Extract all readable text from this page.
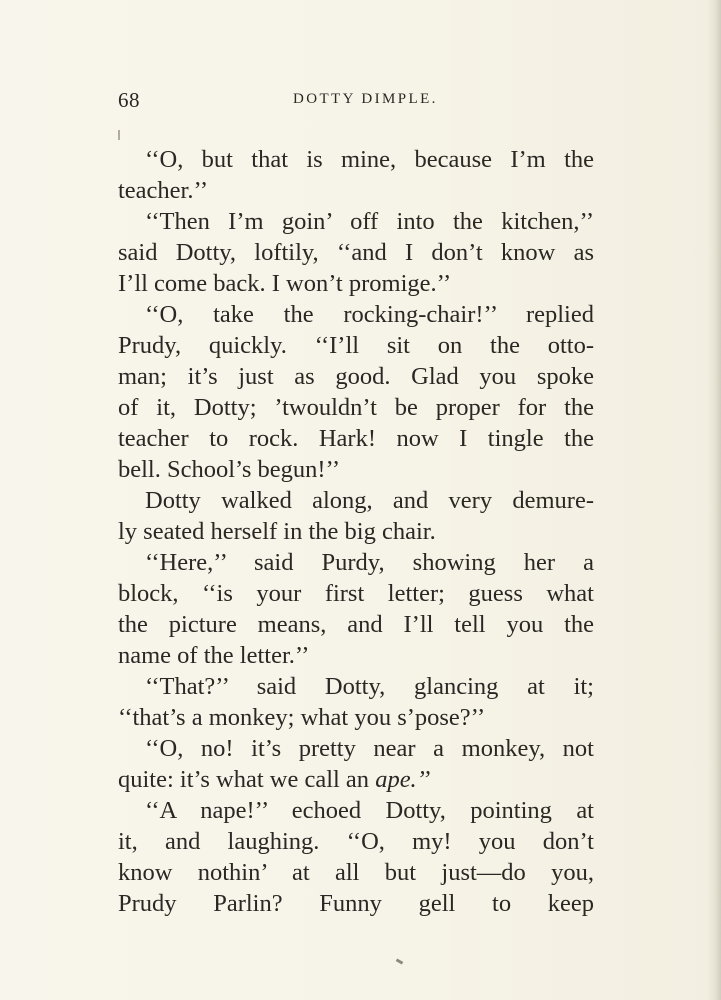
68	DOTTY DIMPLE.
‘‘O, but that is mine, because I’m the
teacher.’’
‘‘Then I’m goin’ off into the kitchen,’’
said Dotty, loftily, ‘‘and I don’t know as
I’ll come back. I won’t promige.’’
‘‘O, take the rocking-chair!’’ replied
Prudy, quickly. ‘‘I’ll sit on the otto-
man; it’s just as good. Glad you spoke
of it, Dotty; ’twouldn’t be proper for the
teacher to rock. Hark! now I tingle the
bell. School’s begun!’’
Dotty walked along, and very demure-
ly seated herself in the big chair.
‘‘Here,’’ said Purdy, showing her a
block, ‘‘is your first letter; guess what
the picture means, and I’ll tell you the
name of the letter.’’
‘‘That?’’ said Dotty, glancing at it;
‘‘that’s a monkey; what you s’pose?’’
‘‘O, no! it’s pretty near a monkey, not
quite: it’s what we call an ape.’’
‘‘A nape!’’ echoed Dotty, pointing at
it, and laughing. ‘‘O, my! you don’t
know nothin’ at all but just—do you,
Prudy Parlin? Funny gell to keep
